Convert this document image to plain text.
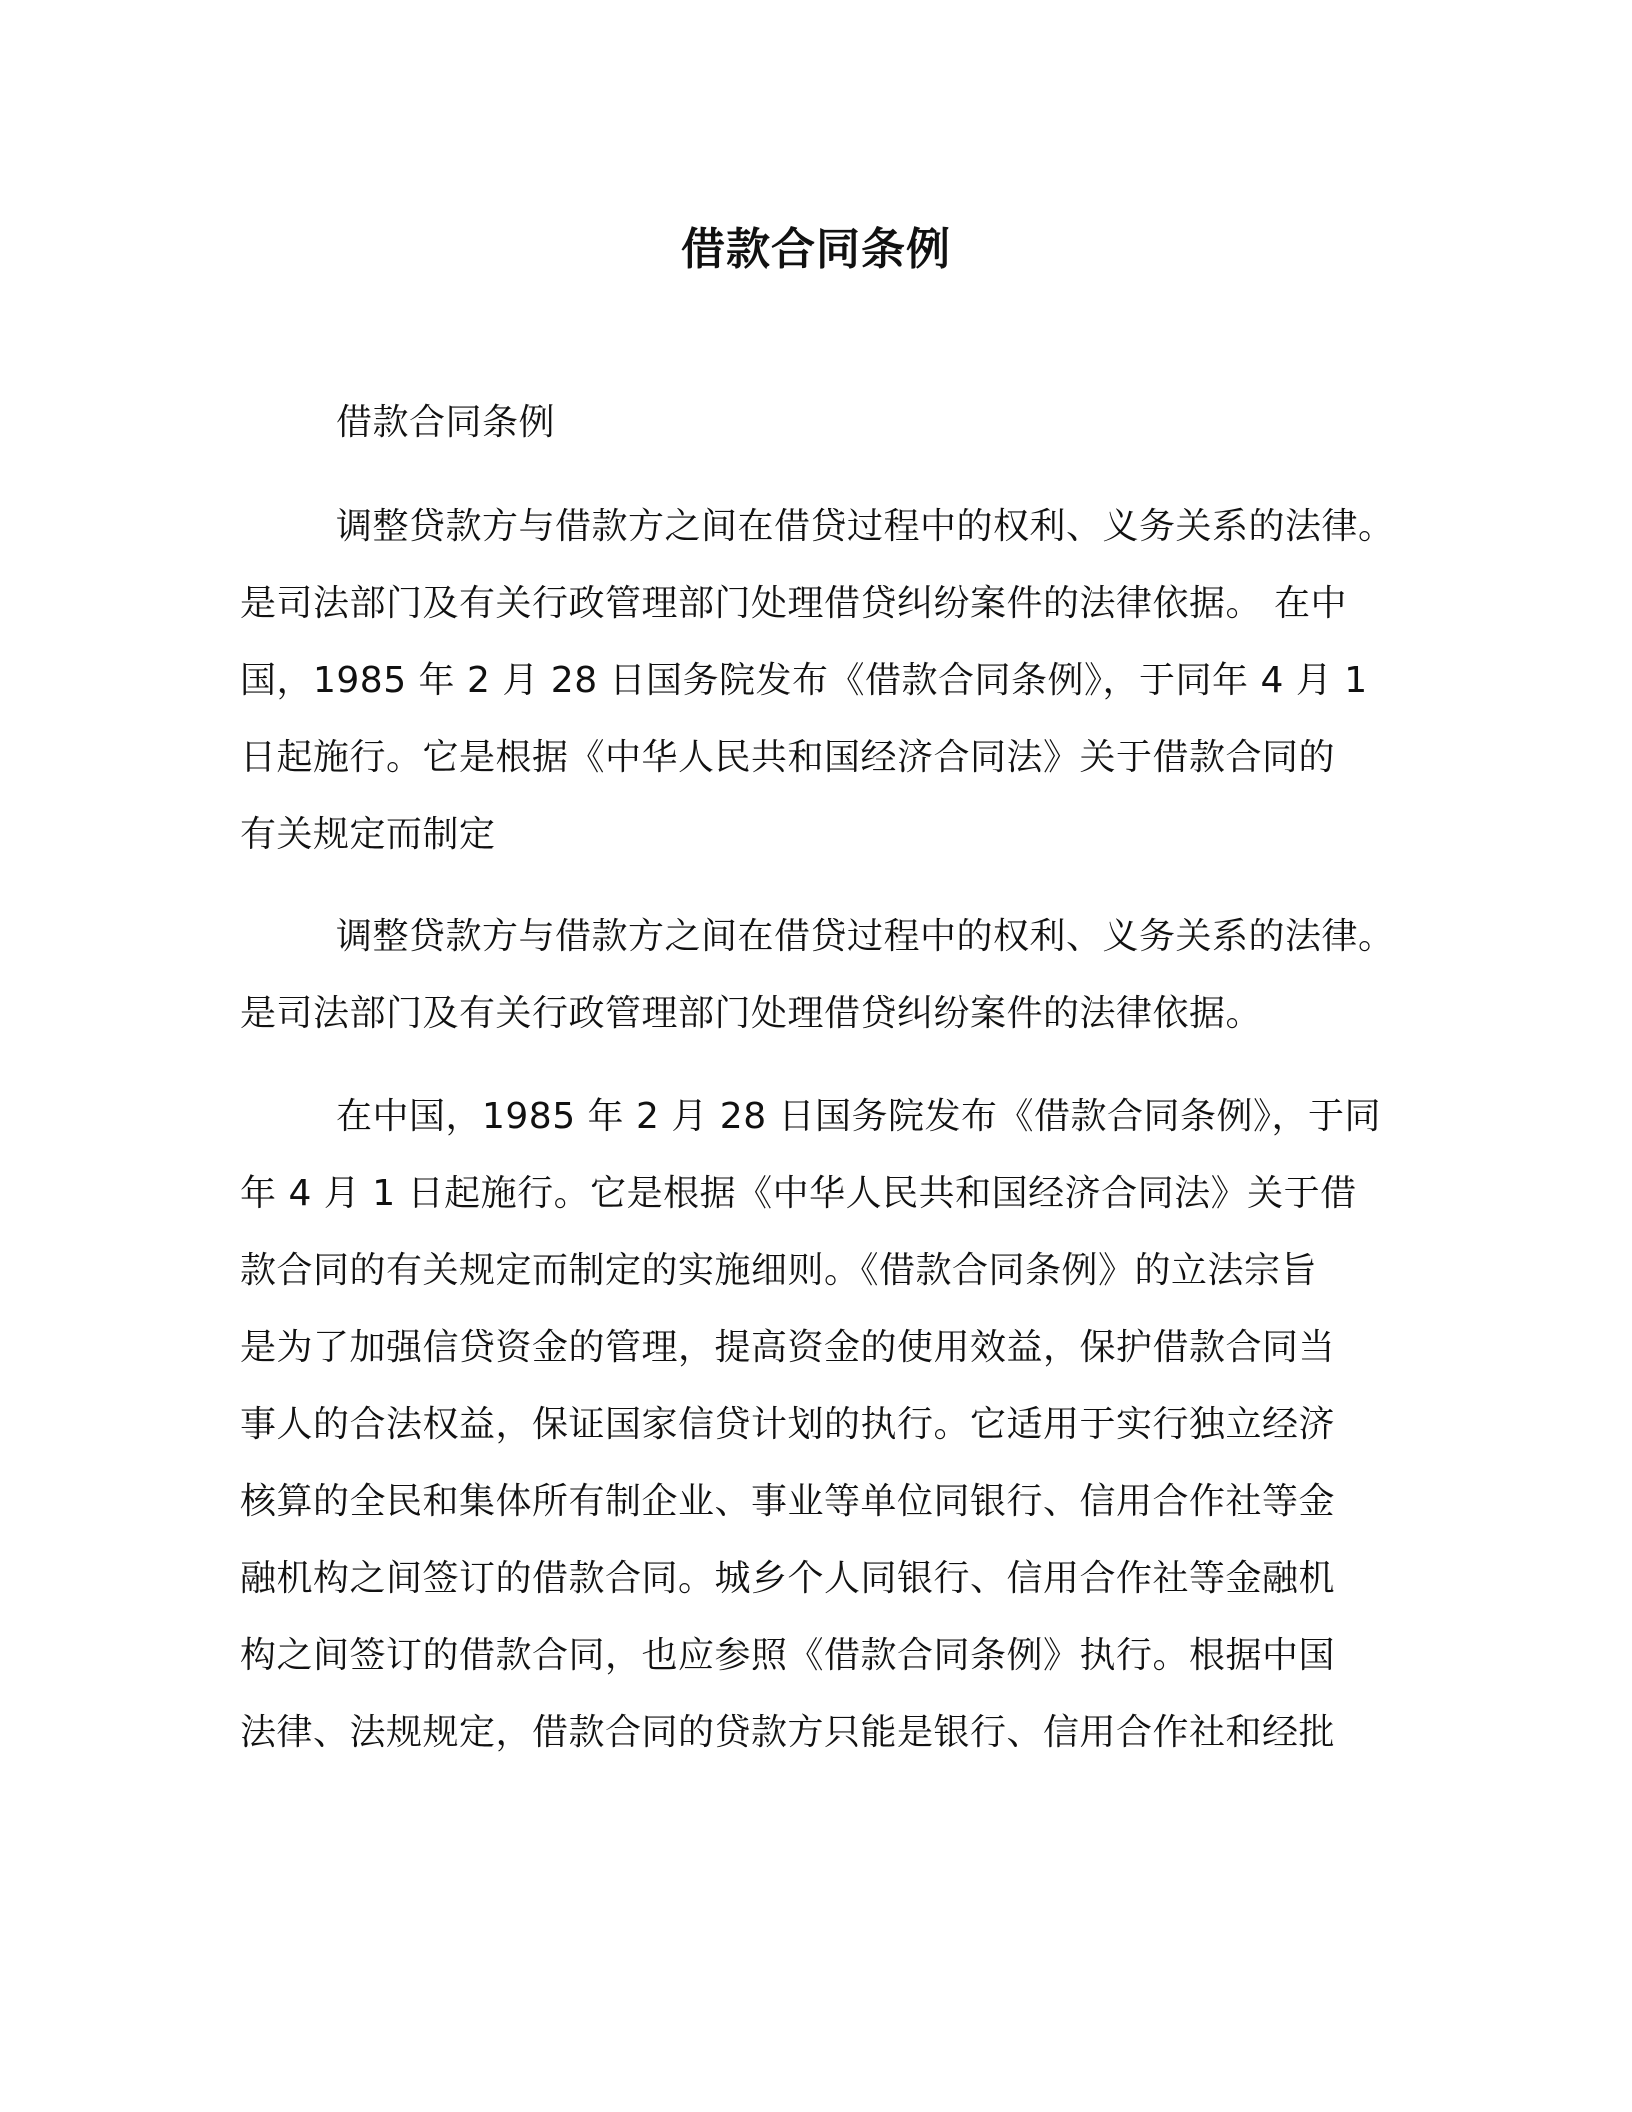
借款合同条例
借款合同条例
调整贷款方与借款方之间在借贷过程中的权利、义务关系的法律。
是司法部门及有关行政管理部门处理借贷纠纷案件的法律依据。 在中
国，1985 年 2 月 28 日国务院发布《借款合同条例》，于同年 4 月 1
日起施行。它是根据《中华人民共和国经济合同法》关于借款合同的
有关规定而制定
调整贷款方与借款方之间在借贷过程中的权利、义务关系的法律。
是司法部门及有关行政管理部门处理借贷纠纷案件的法律依据。
在中国，1985 年 2 月 28 日国务院发布《借款合同条例》，于同
年 4 月 1 日起施行。它是根据《中华人民共和国经济合同法》关于借
款合同的有关规定而制定的实施细则。《借款合同条例》的立法宗旨
是为了加强信贷资金的管理，提高资金的使用效益，保护借款合同当
事人的合法权益，保证国家信贷计划的执行。它适用于实行独立经济
核算的全民和集体所有制企业、事业等单位同银行、信用合作社等金
融机构之间签订的借款合同。城乡个人同银行、信用合作社等金融机
构之间签订的借款合同，也应参照《借款合同条例》执行。根据中国
法律、法规规定，借款合同的贷款方只能是银行、信用合作社和经批
